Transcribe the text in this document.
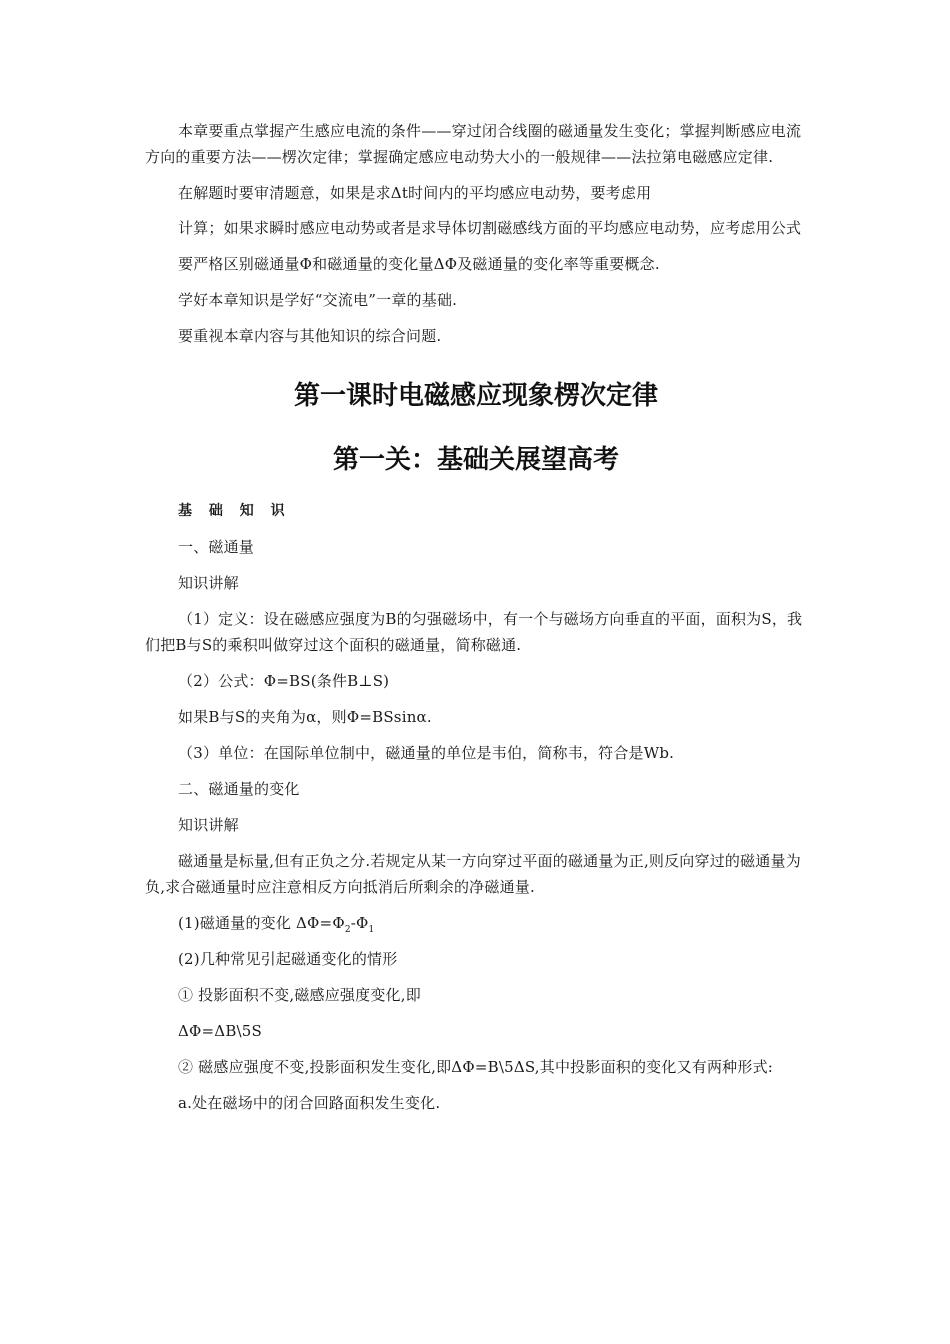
本章要重点掌握产生感应电流的条件——穿过闭合线圈的磁通量发生变化；掌握判断感应电流方向的重要方法——楞次定律；掌握确定感应电动势大小的一般规律——法拉第电磁感应定律.

在解题时要审清题意，如果是求Δt时间内的平均感应电动势，要考虑用

计算；如果求瞬时感应电动势或者是求导体切割磁感线方面的平均感应电动势，应考虑用公式

要严格区别磁通量Φ和磁通量的变化量ΔΦ及磁通量的变化率等重要概念.

学好本章知识是学好“交流电”一章的基础.

要重视本章内容与其他知识的综合问题.

第一课时电磁感应现象楞次定律
第一关：基础关展望高考

基 础 知 识

一、磁通量

知识讲解

（1）定义：设在磁感应强度为B的匀强磁场中，有一个与磁场方向垂直的平面，面积为S，我们把B与S的乘积叫做穿过这个面积的磁通量，简称磁通.

（2）公式：Φ=BS(条件B⊥S)

如果B与S的夹角为α，则Φ=BSsinα.

（3）单位：在国际单位制中，磁通量的单位是韦伯，简称韦，符合是Wb.

二、磁通量的变化

知识讲解

磁通量是标量,但有正负之分.若规定从某一方向穿过平面的磁通量为正,则反向穿过的磁通量为负,求合磁通量时应注意相反方向抵消后所剩余的净磁通量.

(1)磁通量的变化 $\Delta\Phi=\Phi_2-\Phi_1$

(2)几种常见引起磁通变化的情形

① 投影面积不变,磁感应强度变化,即

ΔΦ=ΔB\5S

② 磁感应强度不变,投影面积发生变化,即ΔΦ=B\5ΔS,其中投影面积的变化又有两种形式:

a.处在磁场中的闭合回路面积发生变化.
